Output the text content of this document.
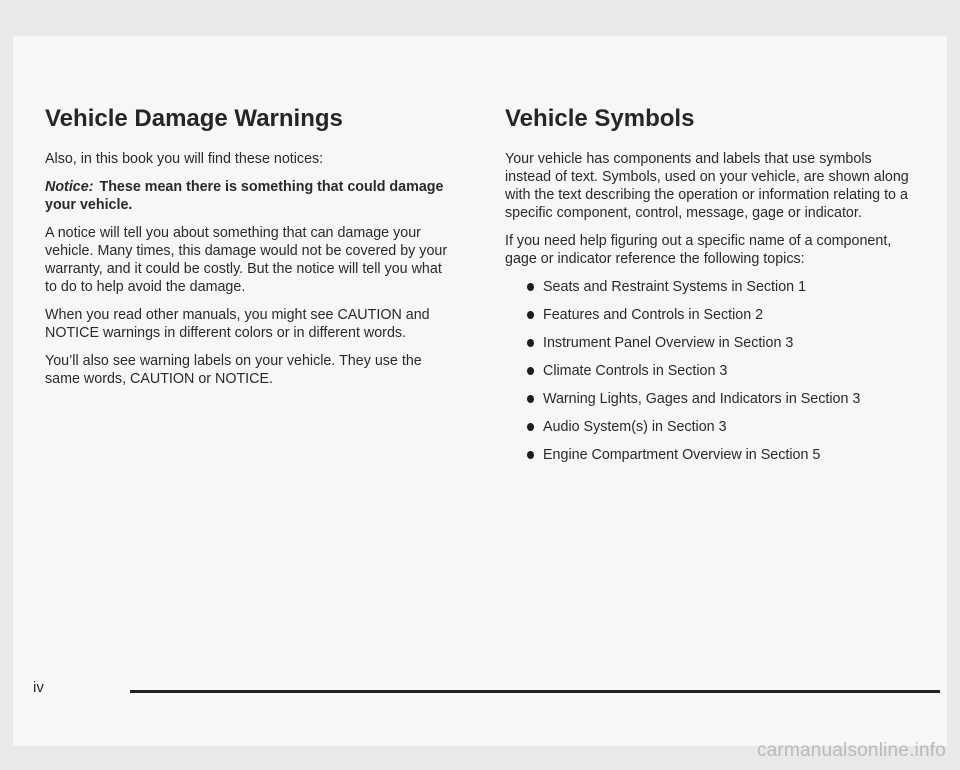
Vehicle Damage Warnings

Also, in this book you will find these notices:

Notice: These mean there is something that could damage your vehicle.

A notice will tell you about something that can damage your vehicle. Many times, this damage would not be covered by your warranty, and it could be costly. But the notice will tell you what to do to help avoid the damage.

When you read other manuals, you might see CAUTION and NOTICE warnings in different colors or in different words.

You’ll also see warning labels on your vehicle. They use the same words, CAUTION or NOTICE.

Vehicle Symbols

Your vehicle has components and labels that use symbols instead of text. Symbols, used on your vehicle, are shown along with the text describing the operation or information relating to a specific component, control, message, gage or indicator.

If you need help figuring out a specific name of a component, gage or indicator reference the following topics:

Seats and Restraint Systems in Section 1
Features and Controls in Section 2
Instrument Panel Overview in Section 3
Climate Controls in Section 3
Warning Lights, Gages and Indicators in Section 3
Audio System(s) in Section 3
Engine Compartment Overview in Section 5
iv
carmanualsonline.info
